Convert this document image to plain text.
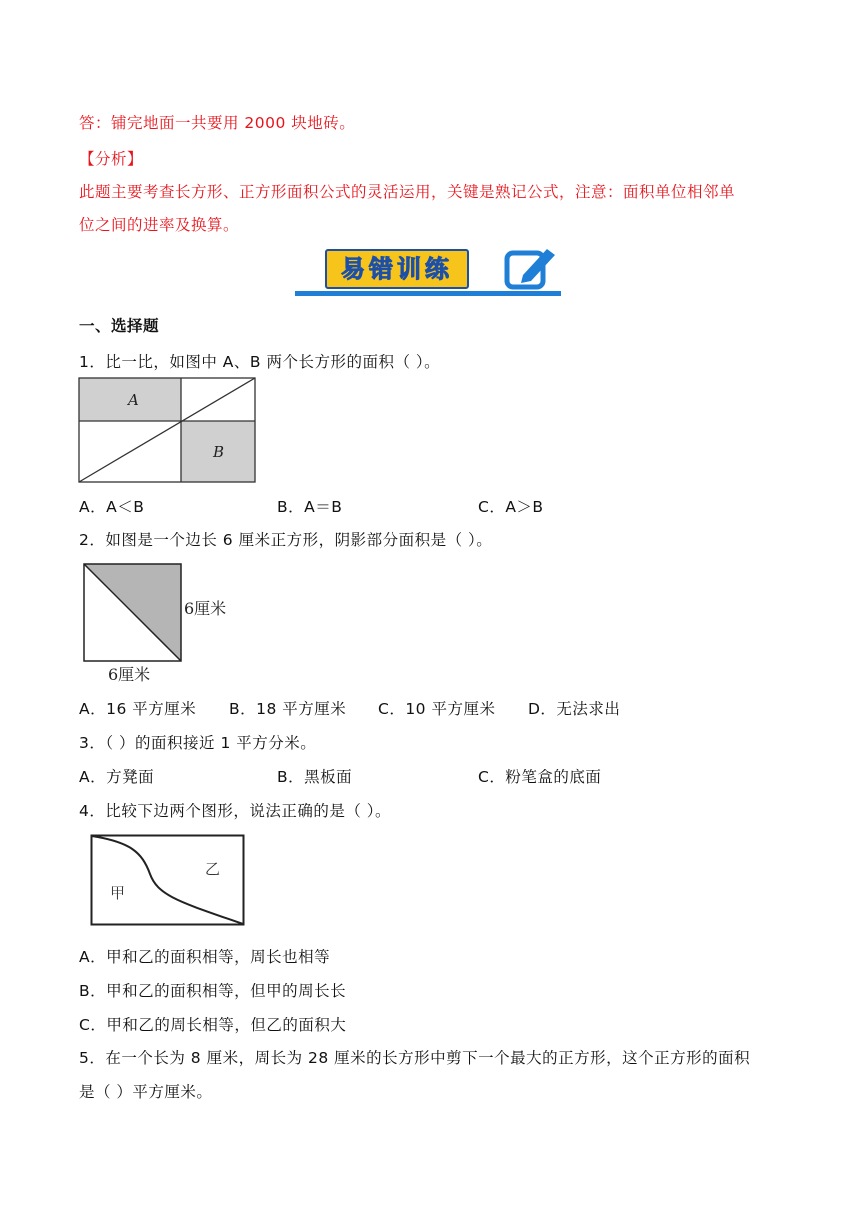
答：铺完地面一共要用 2000 块地砖。
【分析】
此题主要考查长方形、正方形面积公式的灵活运用，关键是熟记公式，注意：面积单位相邻单
位之间的进率及换算。
易错训练
一、选择题
1．比一比，如图中 A、B 两个长方形的面积（ ）。
A
B
A．A＜B	B．A＝B	C．A＞B
2．如图是一个边长 6 厘米正方形，阴影部分面积是（ ）。
6厘米
6厘米
A．16 平方厘米 B．18 平方厘米 C．10 平方厘米 D．无法求出
3．（ ）的面积接近 1 平方分米。
A．方凳面	B．黑板面	C．粉笔盒的底面
4．比较下边两个图形，说法正确的是（ ）。
甲
乙
A．甲和乙的面积相等，周长也相等
B．甲和乙的面积相等，但甲的周长长
C．甲和乙的周长相等，但乙的面积大
5．在一个长为 8 厘米，周长为 28 厘米的长方形中剪下一个最大的正方形，这个正方形的面积
是（ ）平方厘米。
